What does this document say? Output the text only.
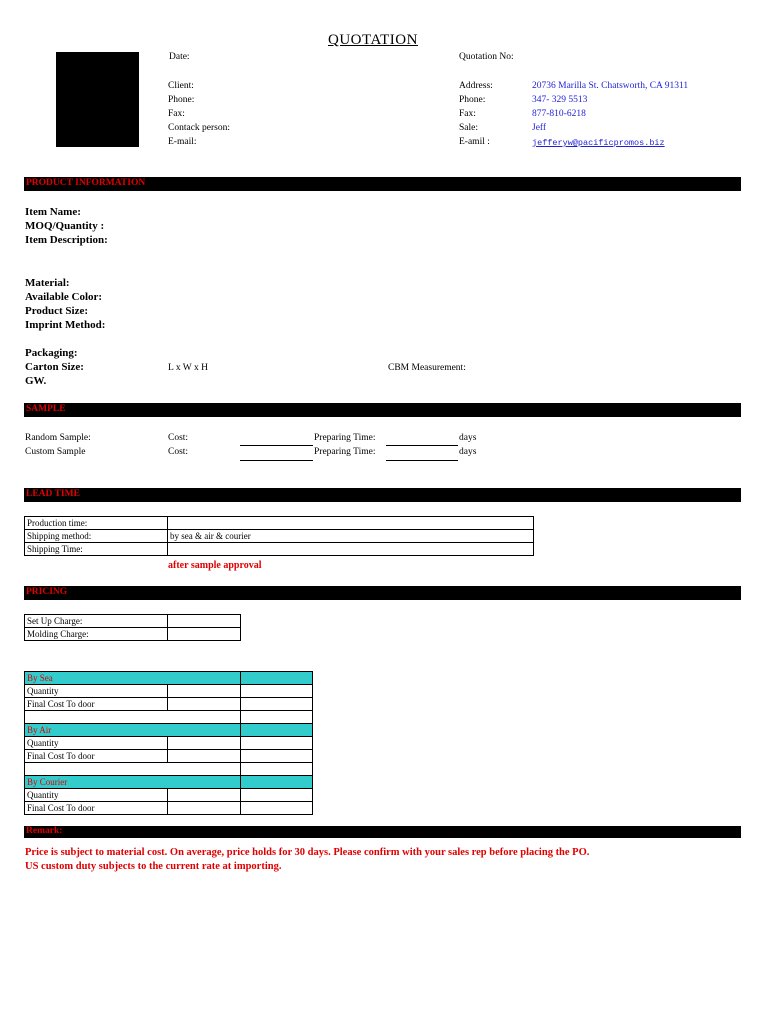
QUOTATION
Date:
Client:
Phone:
Fax:
Contack person:
E-mail:
Quotation No:
Address:	20736 Marilla St. Chatsworth, CA 91311
Phone:	347- 329 5513
Fax:	877-810-6218
Sale:	Jeff
E-amil :	jefferyw@pacificpromos.biz
PRODUCT INFORMATION
Item Name:
MOQ/Quantity :
Item Description:
Material:
Available Color:
Product Size:
Imprint Method:
Packaging:
Carton Size:	L x W x H	CBM Measurement:
GW.
SAMPLE
Random Sample:	Cost:	Preparing Time:	days
Custom Sample	Cost:	Preparing Time:	days
LEAD TIME
Production time:	
Shipping method:	by sea & air & courier
Shipping Time:	
after sample approval
PRICING
Set Up Charge:	
Molding Charge:	
By Sea		
Quantity		
Final Cost To door		

By Air		
Quantity		
Final Cost To door		

By Courier		
Quantity		
Final Cost To door		
Remark:
Price is subject to material cost. On average, price holds for 30 days. Please confirm with your sales rep before placing the PO.
US custom duty subjects to the current rate at importing.
